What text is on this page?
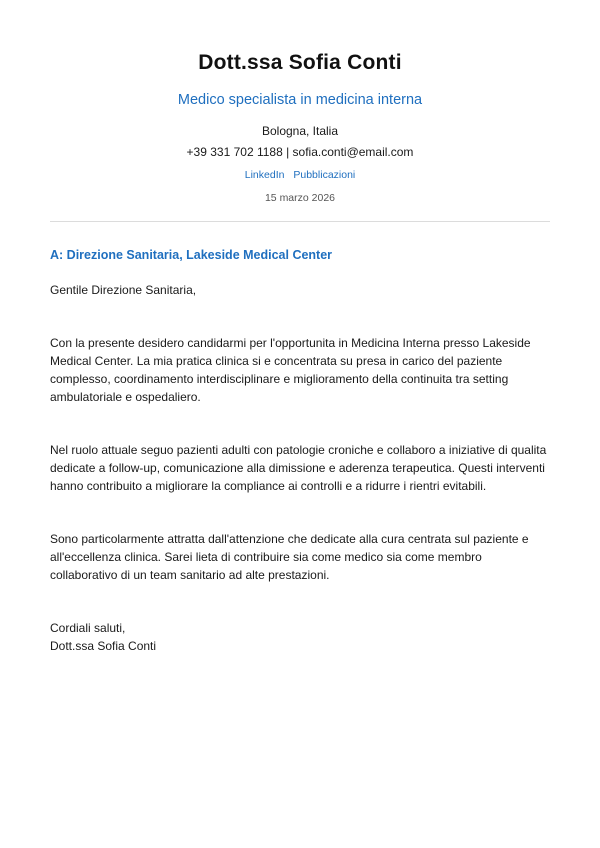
Dott.ssa Sofia Conti
Medico specialista in medicina interna
Bologna, Italia
+39 331 702 1188 | sofia.conti@email.com
LinkedIn Pubblicazioni
15 marzo 2026
A: Direzione Sanitaria, Lakeside Medical Center
Gentile Direzione Sanitaria,
Con la presente desidero candidarmi per l'opportunita in Medicina Interna presso Lakeside Medical Center. La mia pratica clinica si e concentrata su presa in carico del paziente complesso, coordinamento interdisciplinare e miglioramento della continuita tra setting ambulatoriale e ospedaliero.
Nel ruolo attuale seguo pazienti adulti con patologie croniche e collaboro a iniziative di qualita dedicate a follow-up, comunicazione alla dimissione e aderenza terapeutica. Questi interventi hanno contribuito a migliorare la compliance ai controlli e a ridurre i rientri evitabili.
Sono particolarmente attratta dall'attenzione che dedicate alla cura centrata sul paziente e all'eccellenza clinica. Sarei lieta di contribuire sia come medico sia come membro collaborativo di un team sanitario ad alte prestazioni.
Cordiali saluti,
Dott.ssa Sofia Conti
